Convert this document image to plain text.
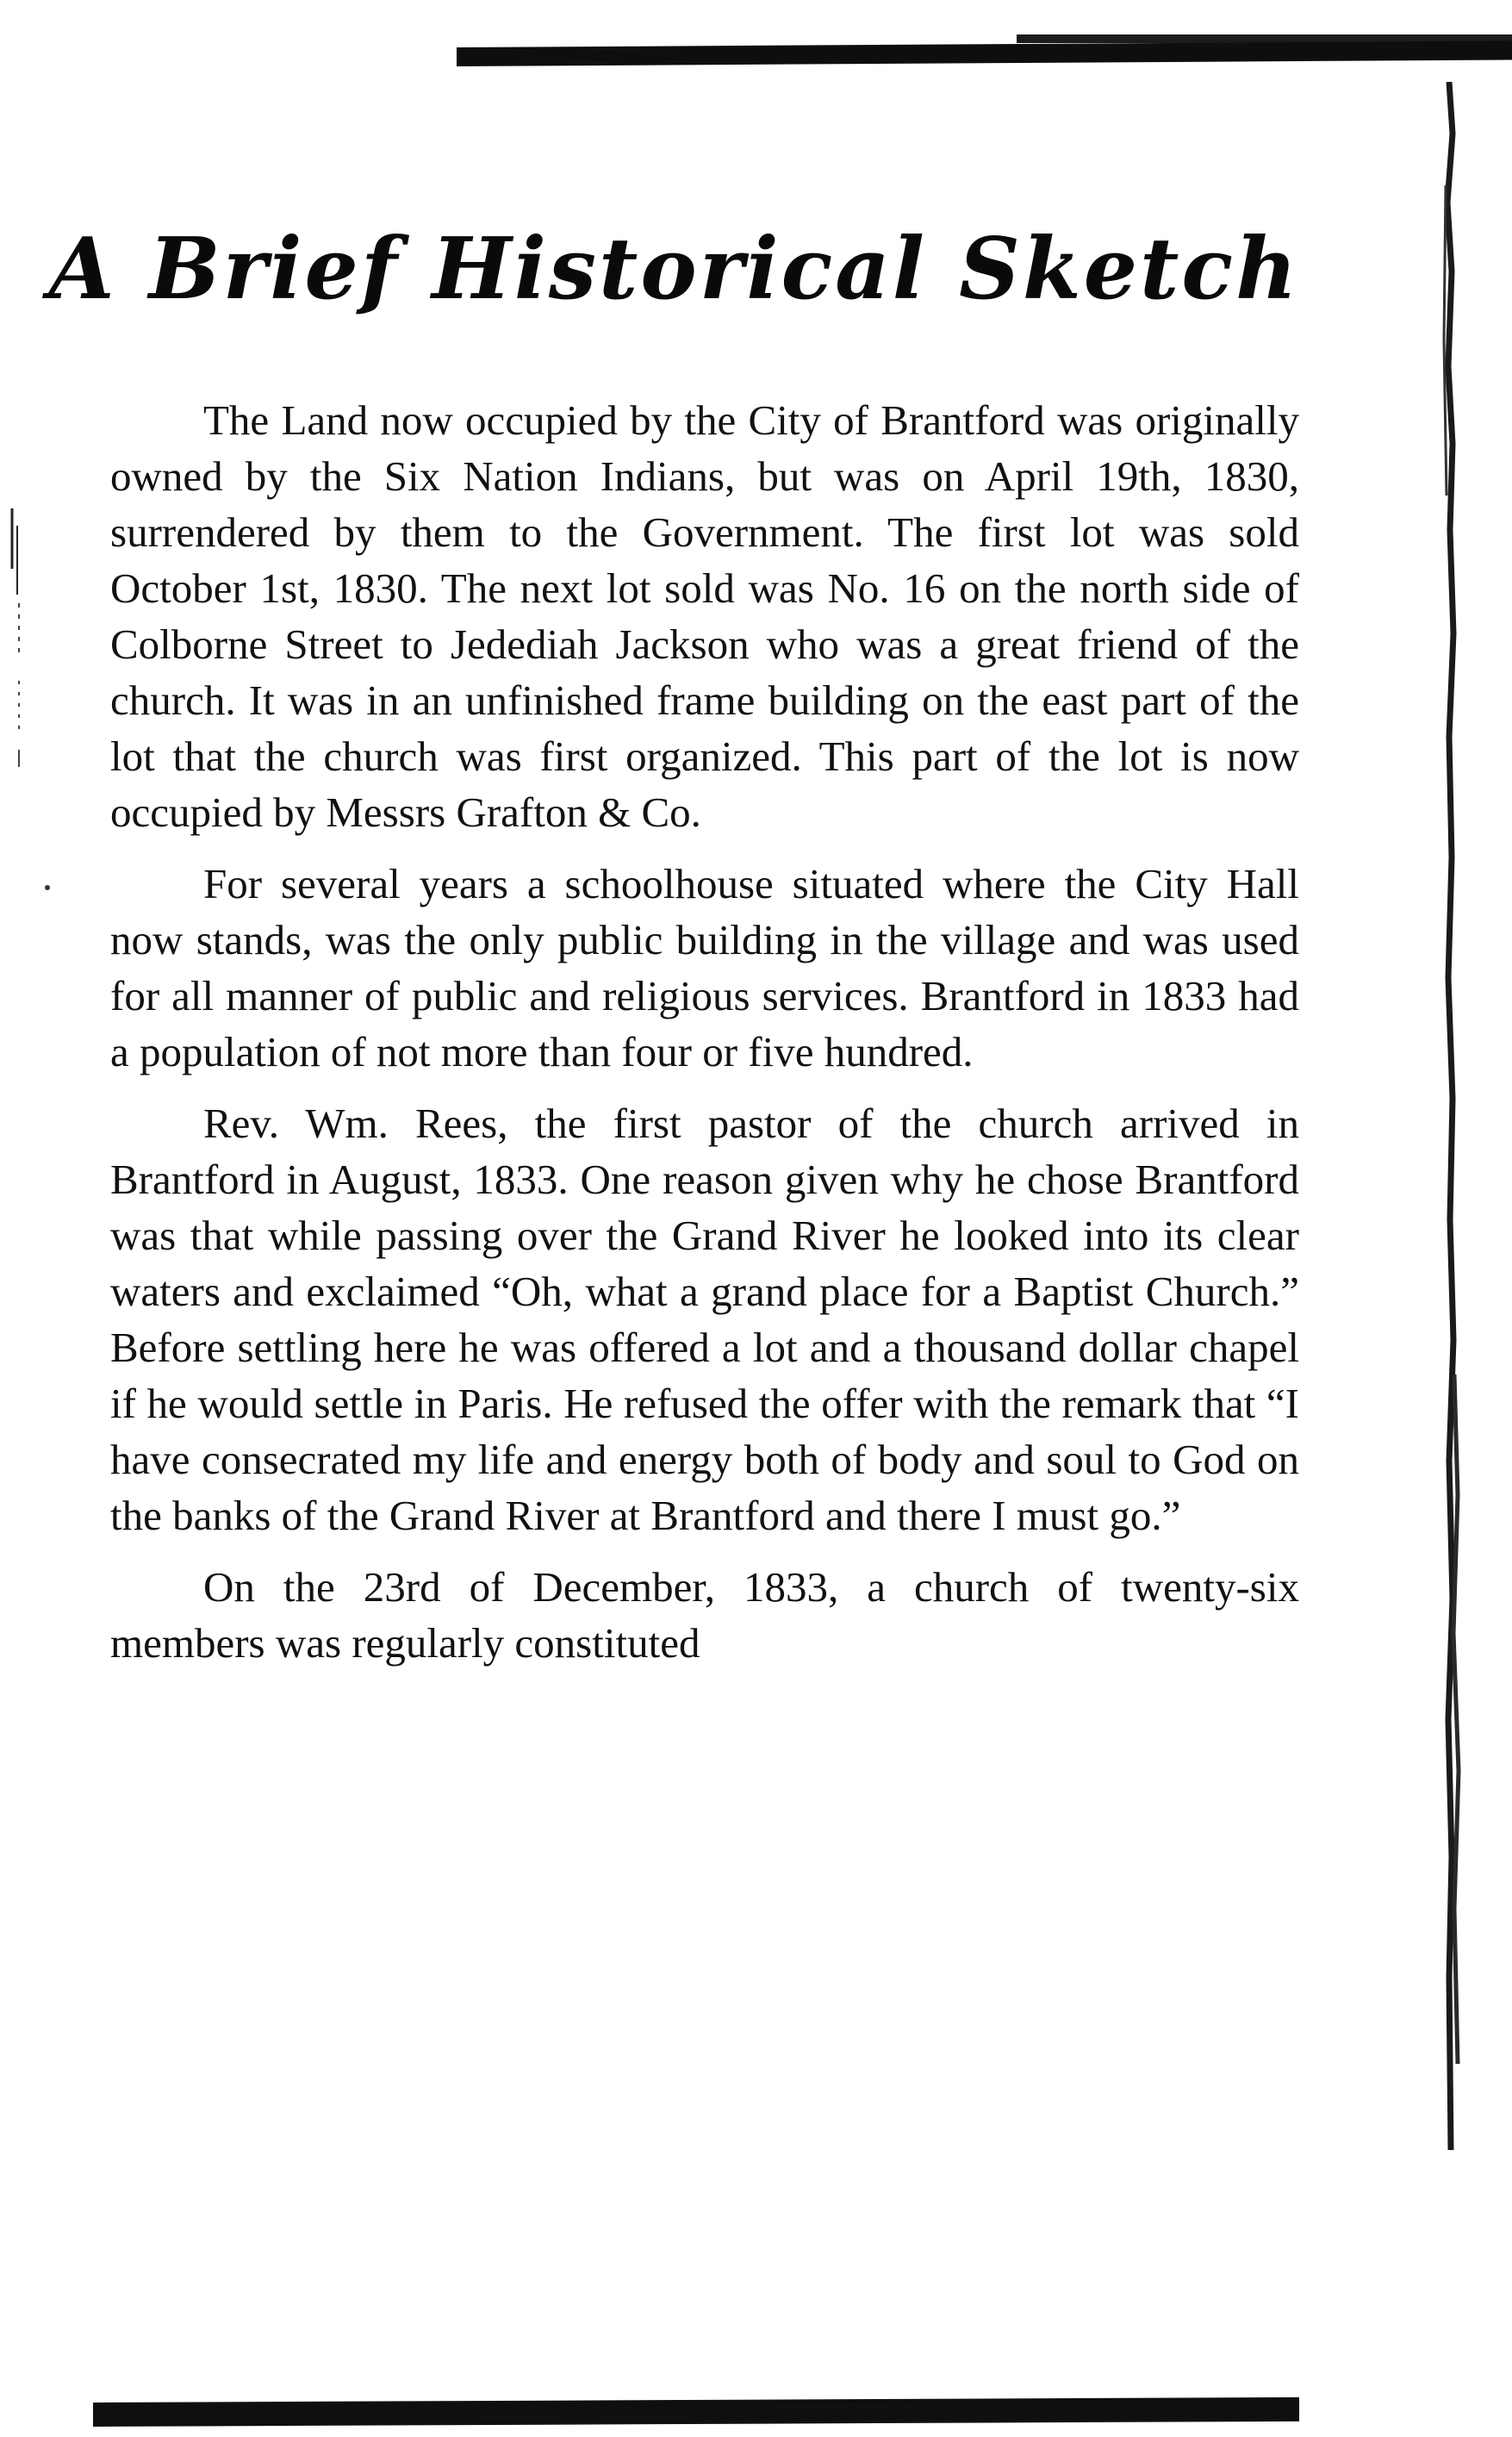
A Brief Historical Sketch

The Land now occupied by the City of Brantford was originally owned by the Six Nation Indians, but was on April 19th, 1830, surrendered by them to the Government. The first lot was sold October 1st, 1830. The next lot sold was No. 16 on the north side of Colborne Street to Jedediah Jackson who was a great friend of the church. It was in an unfinished frame building on the east part of the lot that the church was first organized. This part of the lot is now occupied by Messrs Grafton & Co.

For several years a schoolhouse situated where the City Hall now stands, was the only public building in the village and was used for all manner of public and religious services. Brantford in 1833 had a population of not more than four or five hundred.

Rev. Wm. Rees, the first pastor of the church arrived in Brantford in August, 1833. One reason given why he chose Brantford was that while passing over the Grand River he looked into its clear waters and exclaimed “Oh, what a grand place for a Baptist Church.” Before settling here he was offered a lot and a thousand dollar chapel if he would settle in Paris. He refused the offer with the remark that “I have consecrated my life and energy both of body and soul to God on the banks of the Grand River at Brantford and there I must go.”

On the 23rd of December, 1833, a church of twenty-six members was regularly constituted
